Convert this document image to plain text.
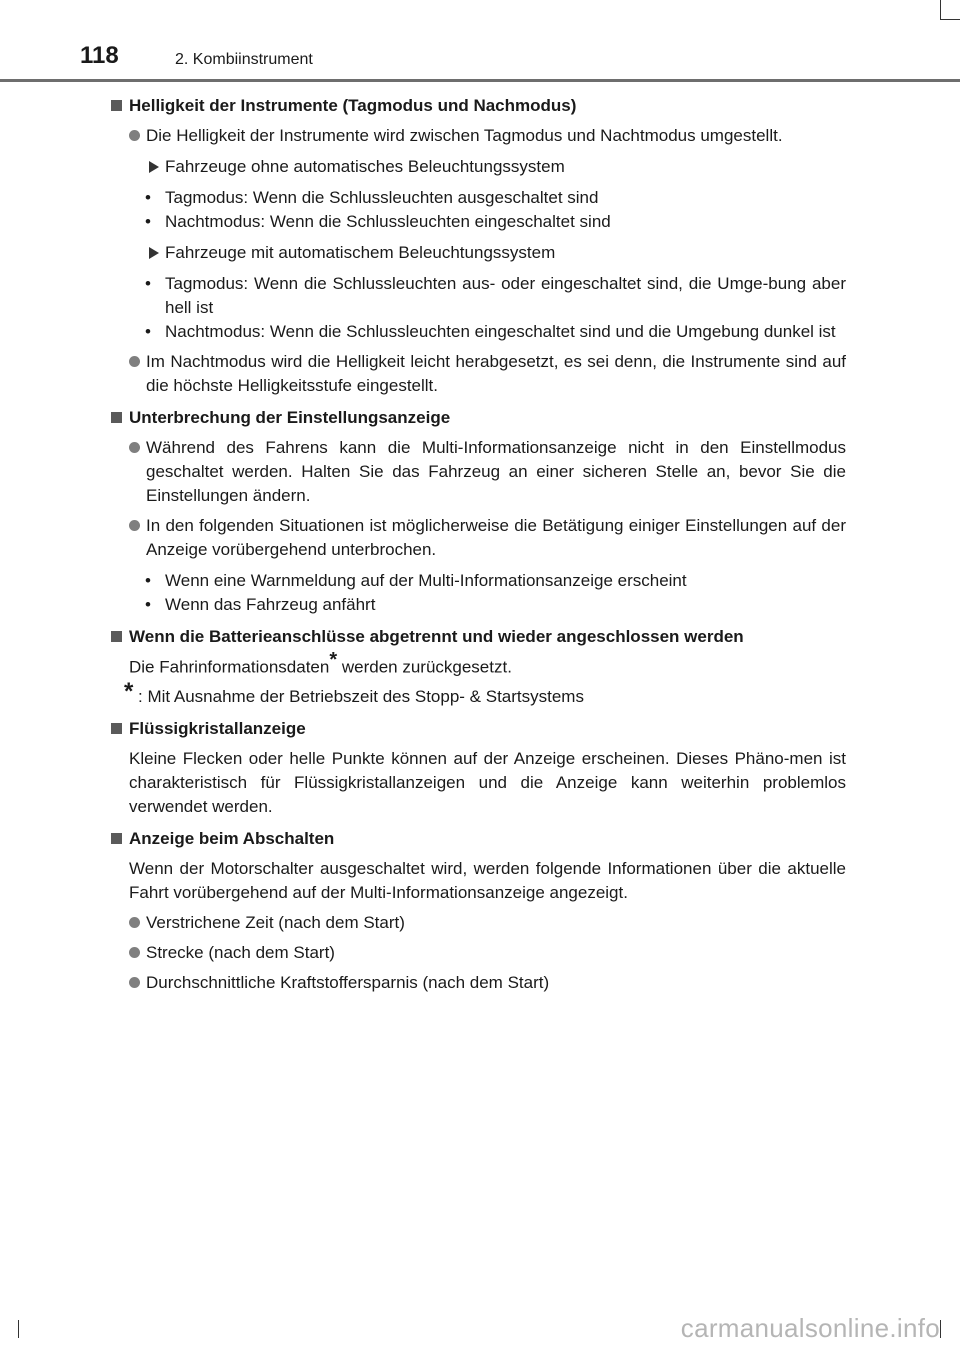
118	2. Kombiinstrument
Helligkeit der Instrumente (Tagmodus und Nachmodus)
Die Helligkeit der Instrumente wird zwischen Tagmodus und Nachtmodus umgestellt.
Fahrzeuge ohne automatisches Beleuchtungssystem
• Tagmodus: Wenn die Schlussleuchten ausgeschaltet sind
• Nachtmodus: Wenn die Schlussleuchten eingeschaltet sind
Fahrzeuge mit automatischem Beleuchtungssystem
• Tagmodus: Wenn die Schlussleuchten aus- oder eingeschaltet sind, die Umge-bung aber hell ist
• Nachtmodus: Wenn die Schlussleuchten eingeschaltet sind und die Umgebung dunkel ist
Im Nachtmodus wird die Helligkeit leicht herabgesetzt, es sei denn, die Instrumente sind auf die höchste Helligkeitsstufe eingestellt.
Unterbrechung der Einstellungsanzeige
Während des Fahrens kann die Multi-Informationsanzeige nicht in den Einstellmodus geschaltet werden. Halten Sie das Fahrzeug an einer sicheren Stelle an, bevor Sie die Einstellungen ändern.
In den folgenden Situationen ist möglicherweise die Betätigung einiger Einstellungen auf der Anzeige vorübergehend unterbrochen.
• Wenn eine Warnmeldung auf der Multi-Informationsanzeige erscheint
• Wenn das Fahrzeug anfährt
Wenn die Batterieanschlüsse abgetrennt und wieder angeschlossen werden
Die Fahrinformationsdaten* werden zurückgesetzt.
* : Mit Ausnahme der Betriebszeit des Stopp- & Startsystems
Flüssigkristallanzeige
Kleine Flecken oder helle Punkte können auf der Anzeige erscheinen. Dieses Phäno-men ist charakteristisch für Flüssigkristallanzeigen und die Anzeige kann weiterhin problemlos verwendet werden.
Anzeige beim Abschalten
Wenn der Motorschalter ausgeschaltet wird, werden folgende Informationen über die aktuelle Fahrt vorübergehend auf der Multi-Informationsanzeige angezeigt.
Verstrichene Zeit (nach dem Start)
Strecke (nach dem Start)
Durchschnittliche Kraftstoffersparnis (nach dem Start)
carmanualsonline.info
